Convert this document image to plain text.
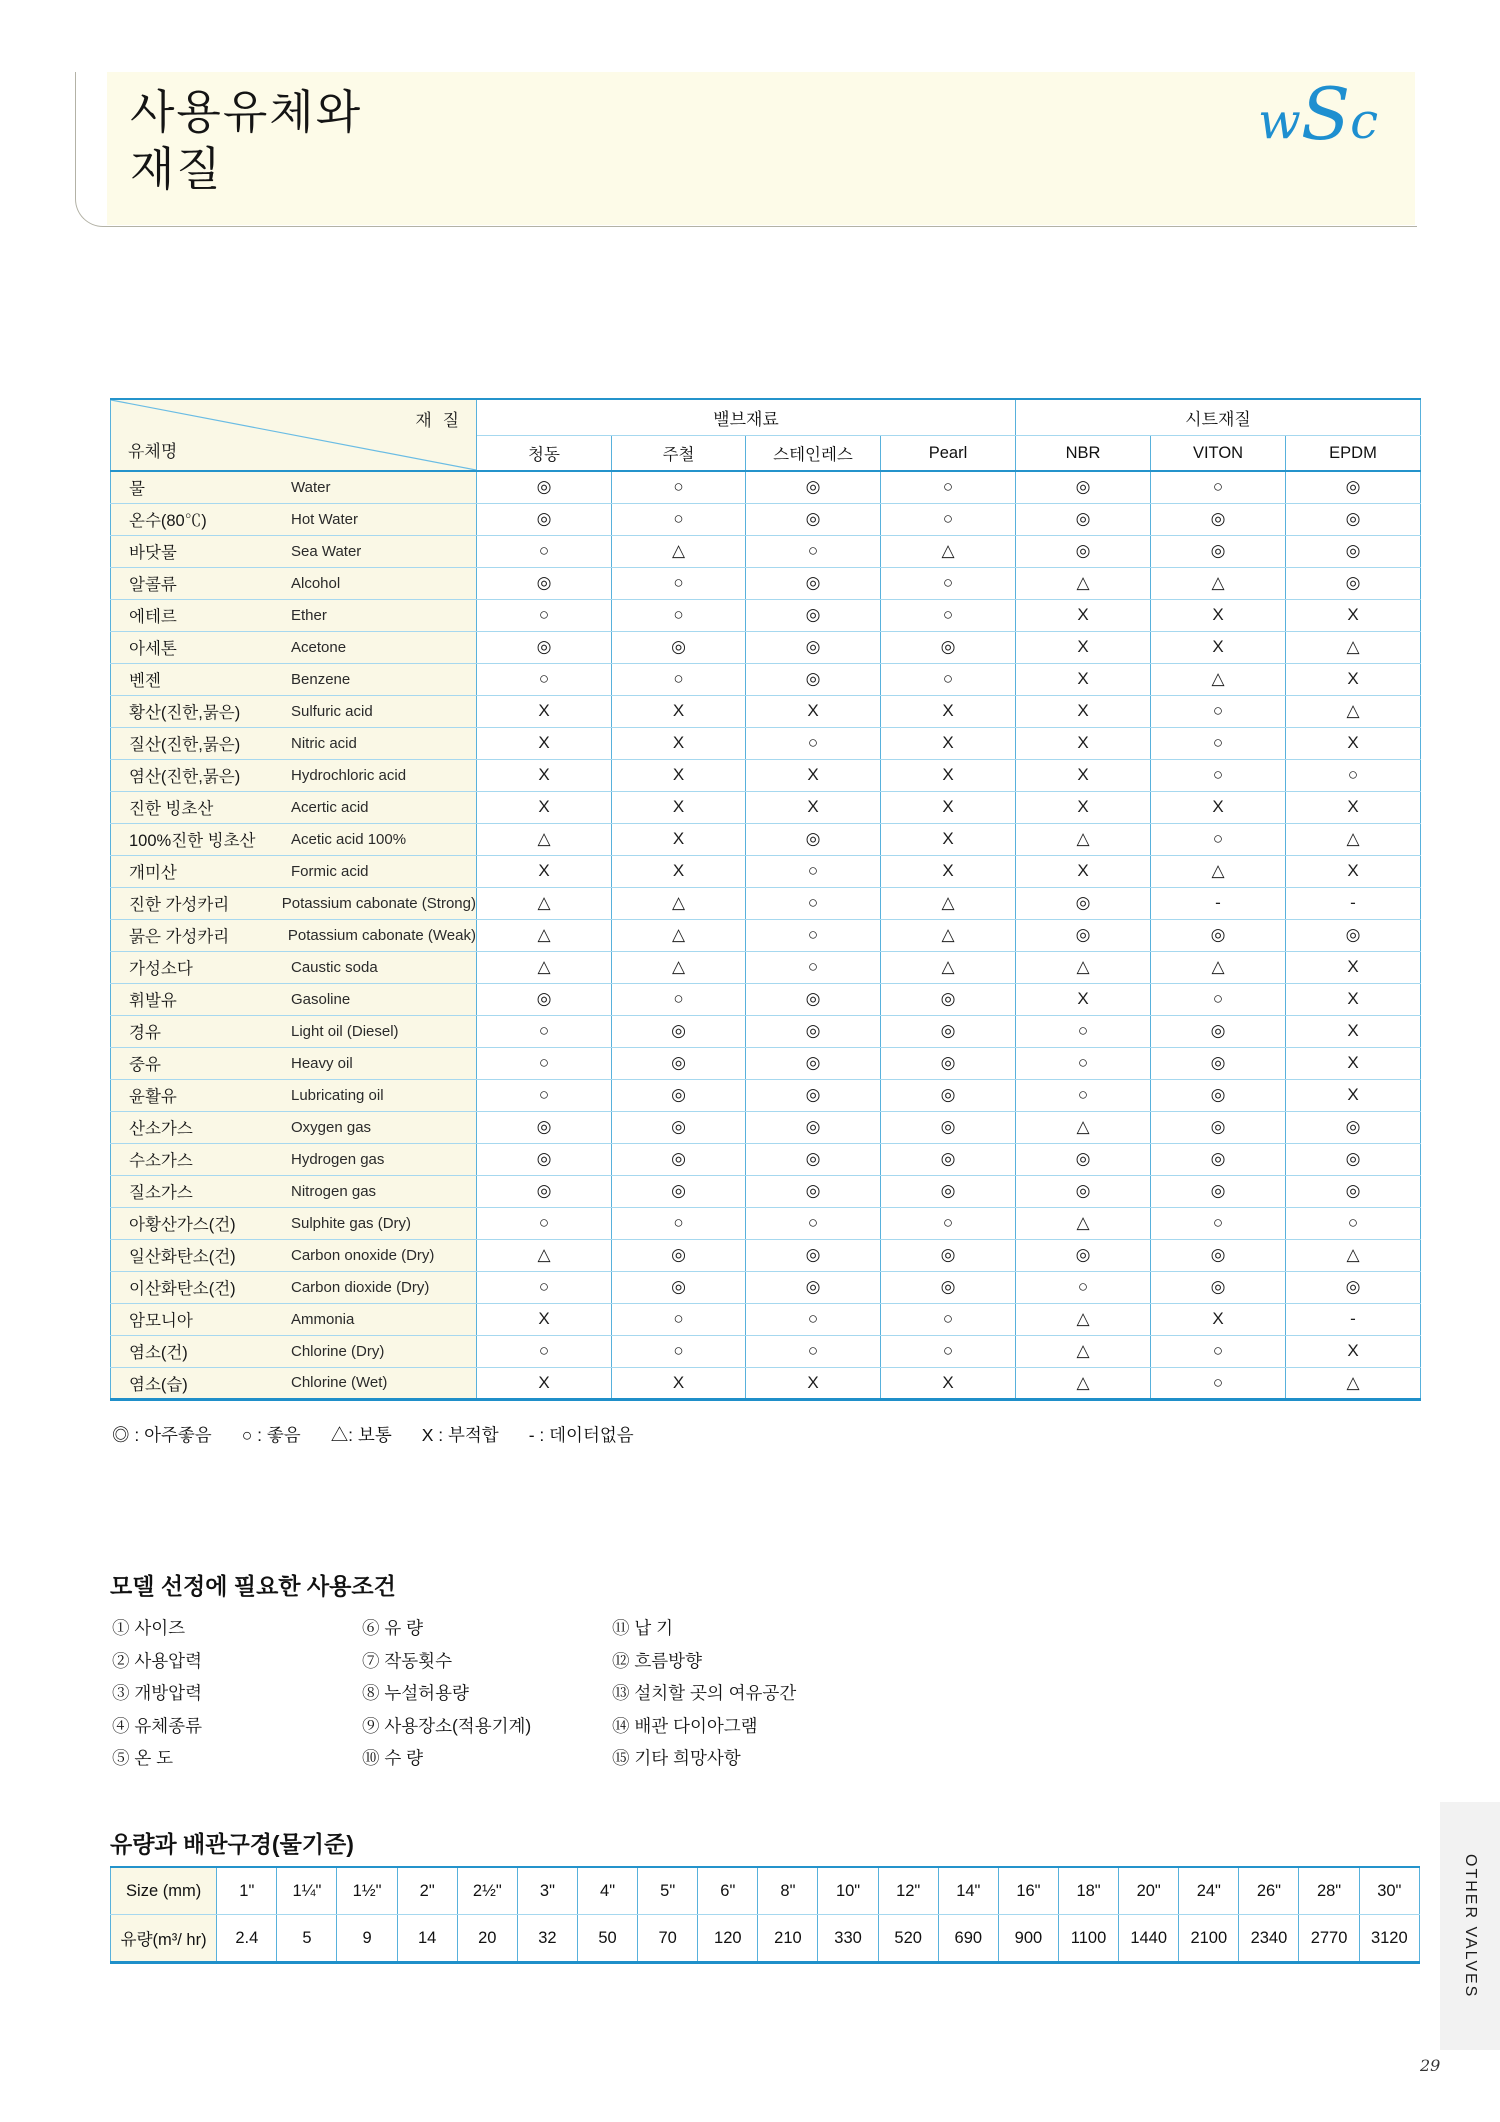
사용유체와
재질
w S c
재 질
유체명	밸브재료				시트재질		
	청동	주철	스테인레스	Pearl	NBR	VITON	EPDM

물 Water	◎	○	◎	○	◎	○	◎

온수(80℃) Hot Water	◎	○	◎	○	◎	◎	◎

바닷물 Sea Water	○	△	○	△	◎	◎	◎

알콜류 Alcohol	◎	○	◎	○	△	△	◎

에테르 Ether	○	○	◎	○	X	X	X

아세톤 Acetone	◎	◎	◎	◎	X	X	△

벤젠 Benzene	○	○	◎	○	X	△	X

황산(진한,묽은) Sulfuric acid	X	X	X	X	X	○	△

질산(진한,묽은) Nitric acid	X	X	○	X	X	○	X

염산(진한,묽은) Hydrochloric acid	X	X	X	X	X	○	○

진한 빙초산 Acertic acid	X	X	X	X	X	X	X

100%진한 빙초산 Acetic acid 100%	△	X	◎	X	△	○	△

개미산 Formic acid	X	X	○	X	X	△	X

진한 가성카리 Potassium cabonate (Strong)	△	△	○	△	◎	-	-

묽은 가성카리 Potassium cabonate (Weak)	△	△	○	△	◎	◎	◎

가성소다 Caustic soda	△	△	○	△	△	△	X

휘발유 Gasoline	◎	○	◎	◎	X	○	X

경유 Light oil (Diesel)	○	◎	◎	◎	○	◎	X

중유 Heavy oil	○	◎	◎	◎	○	◎	X

윤활유 Lubricating oil	○	◎	◎	◎	○	◎	X

산소가스 Oxygen gas	◎	◎	◎	◎	△	◎	◎

수소가스 Hydrogen gas	◎	◎	◎	◎	◎	◎	◎

질소가스 Nitrogen gas	◎	◎	◎	◎	◎	◎	◎

아황산가스(건) Sulphite gas (Dry)	○	○	○	○	△	○	○

일산화탄소(건) Carbon onoxide (Dry)	△	◎	◎	◎	◎	◎	△

이산화탄소(건) Carbon dioxide (Dry)	○	◎	◎	◎	○	◎	◎

암모니아 Ammonia	X	○	○	○	△	X	-

염소(건) Chlorine (Dry)	○	○	○	○	△	○	X

염소(습) Chlorine (Wet)	X	X	X	X	△	○	△
◎ : 아주좋음 ○ : 좋음 △: 보통 X : 부적합 - : 데이터없음
모델 선정에 필요한 사용조건
① 사이즈
② 사용압력
③ 개방압력
④ 유체종류
⑤ 온 도
⑥ 유 량
⑦ 작동횟수
⑧ 누설허용량
⑨ 사용장소(적용기계)
⑩ 수 량
⑪ 납 기
⑫ 흐름방향
⑬ 설치할 곳의 여유공간
⑭ 배관 다이아그램
⑮ 기타 희망사항
유량과 배관구경(물기준)
Size (mm)	1"	1¼"	1½"	2"	2½"	3"	4"	5"	6"	8"	10"	12"	14"	16"	18"	20"	24"	26"	28"	30"
유량(m³/ hr)	2.4	5	9	14	20	32	50	70	120	210	330	520	690	900	1100	1440	2100	2340	2770	3120	OTHER VALVES
29
